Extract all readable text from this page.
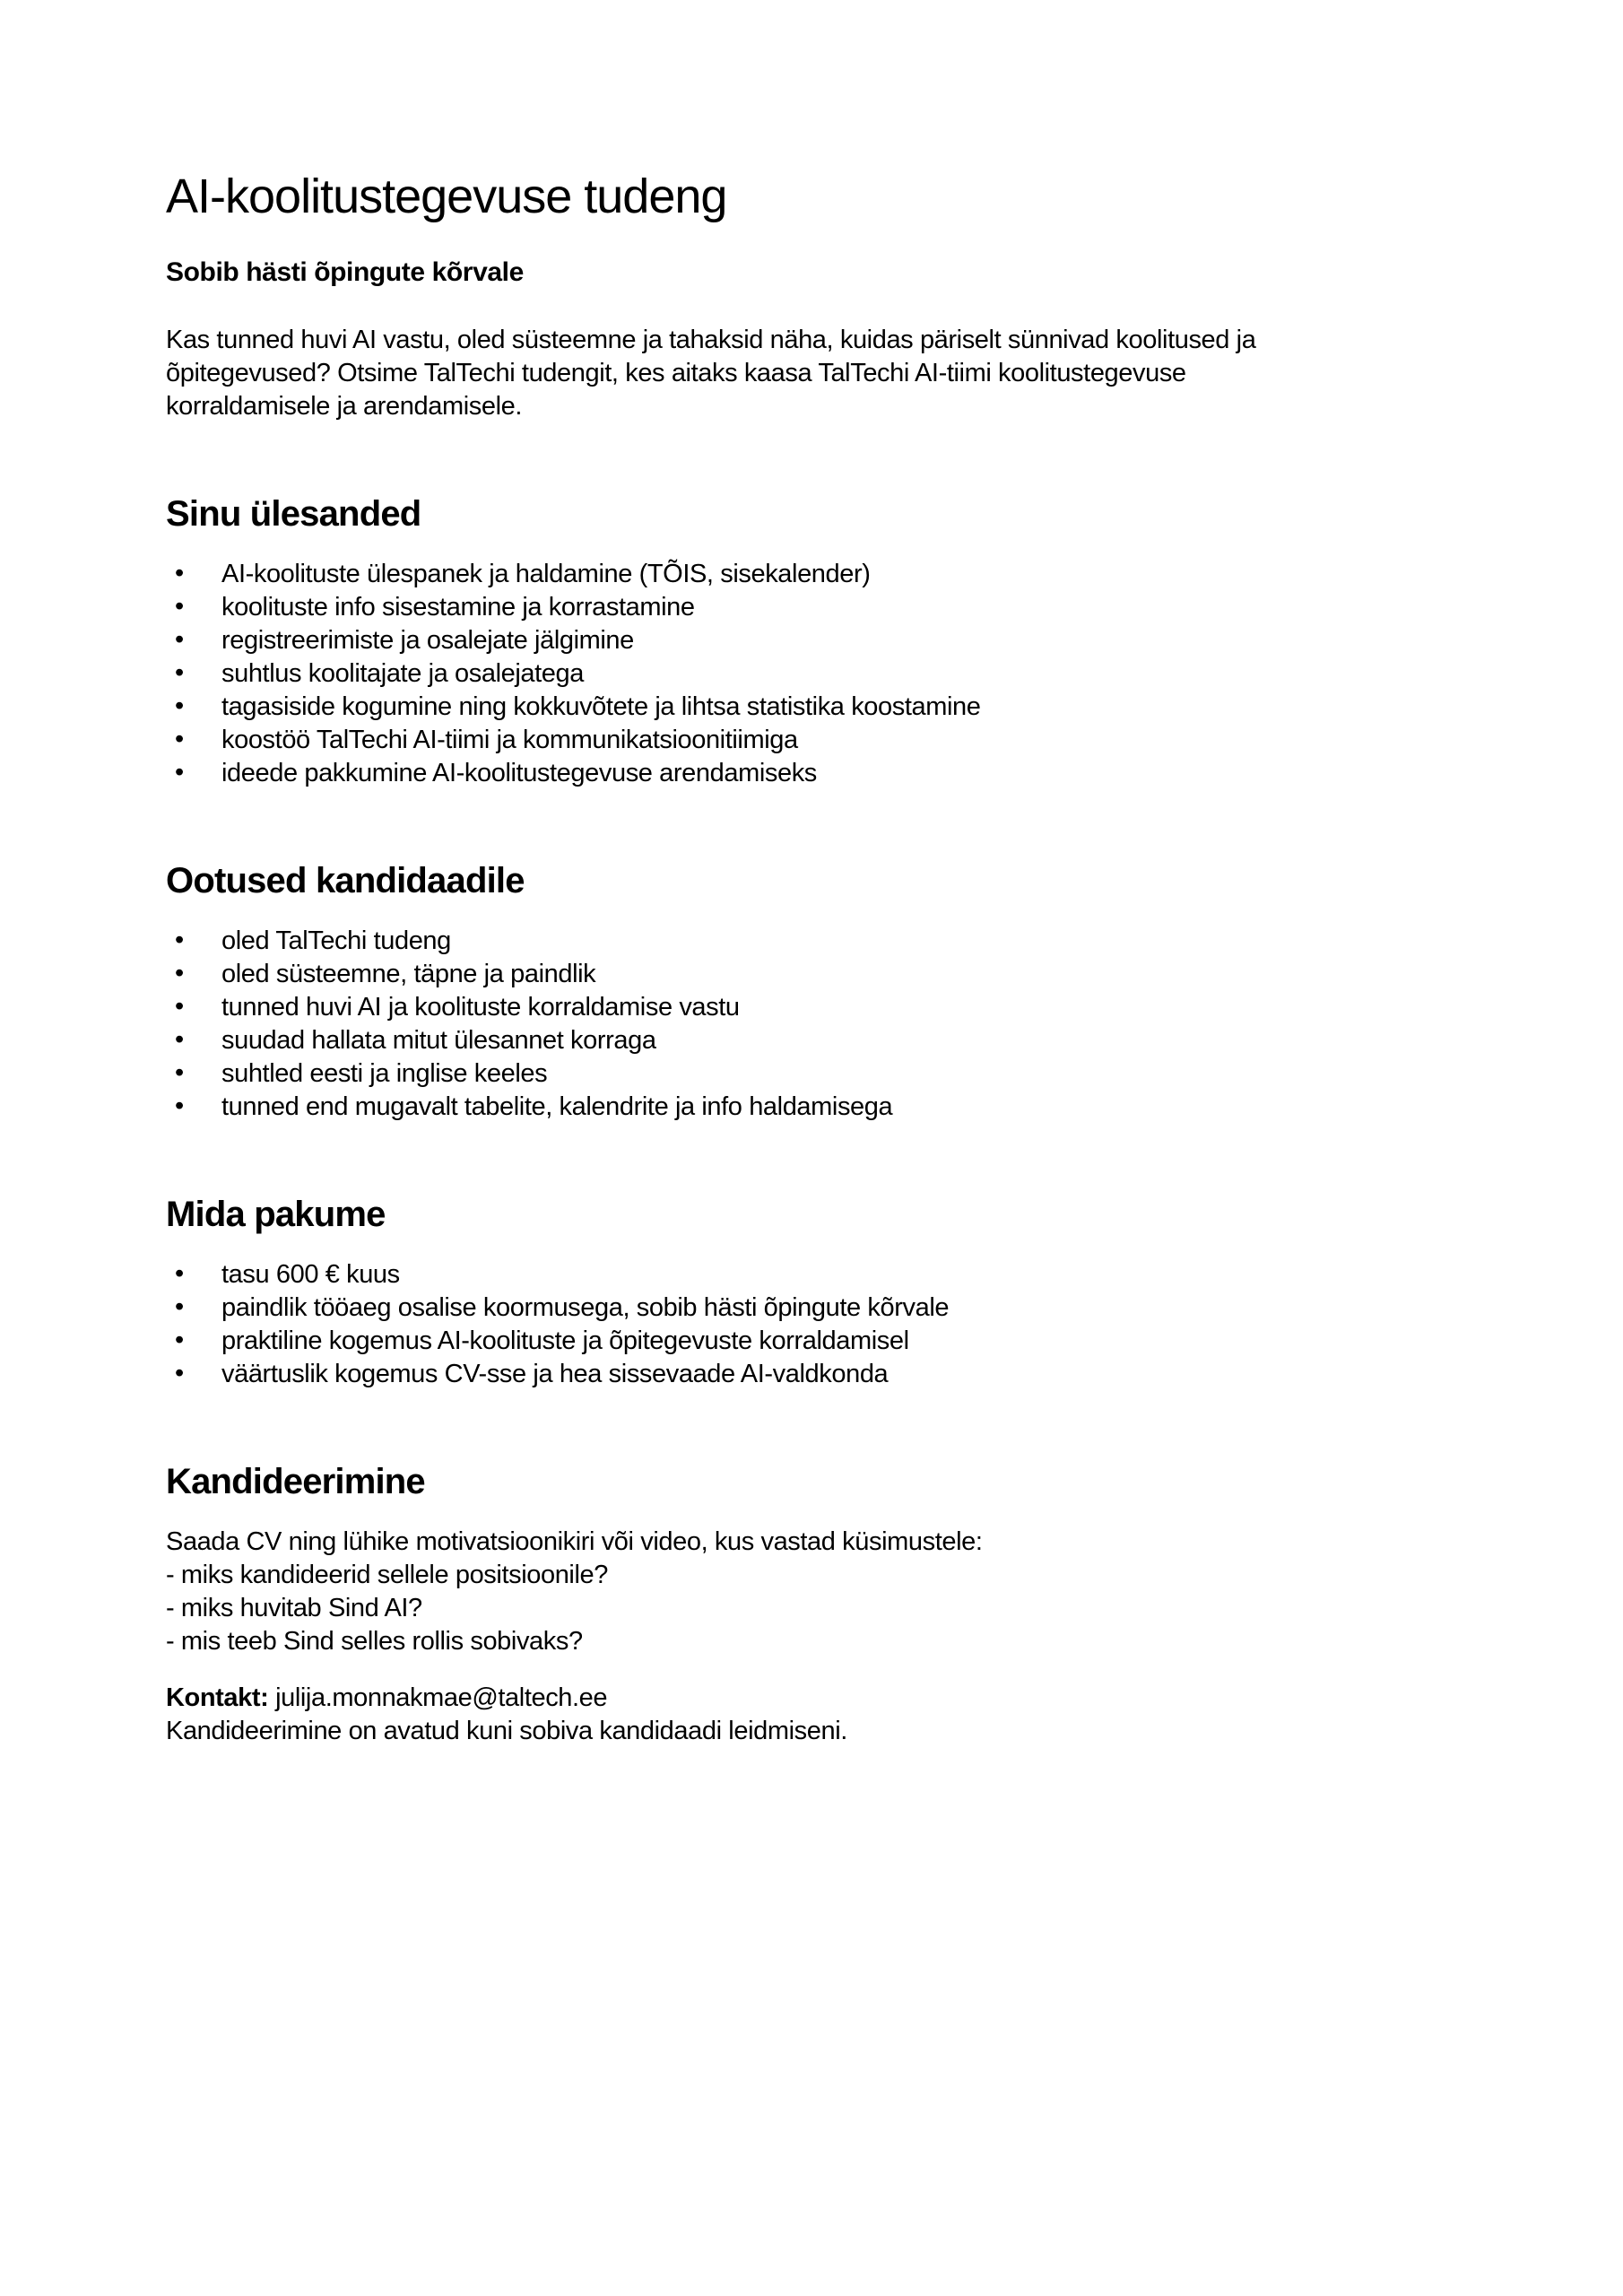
AI-koolitustegevuse tudeng

Sobib hästi õpingute kõrvale

Kas tunned huvi AI vastu, oled süsteemne ja tahaksid näha, kuidas päriselt sünnivad koolitused ja
õpitegevused? Otsime TalTechi tudengit, kes aitaks kaasa TalTechi AI-tiimi koolitustegevuse
korraldamisele ja arendamisele.

Sinu ülesanded
• AI-koolituste ülespanek ja haldamine (TÕIS, sisekalender)
• koolituste info sisestamine ja korrastamine
• registreerimiste ja osalejate jälgimine
• suhtlus koolitajate ja osalejatega
• tagasiside kogumine ning kokkuvõtete ja lihtsa statistika koostamine
• koostöö TalTechi AI-tiimi ja kommunikatsioonitiimiga
• ideede pakkumine AI-koolitustegevuse arendamiseks
Ootused kandidaadile
• oled TalTechi tudeng
• oled süsteemne, täpne ja paindlik
• tunned huvi AI ja koolituste korraldamise vastu
• suudad hallata mitut ülesannet korraga
• suhtled eesti ja inglise keeles
• tunned end mugavalt tabelite, kalendrite ja info haldamisega
Mida pakume
• tasu 600 € kuus
• paindlik tööaeg osalise koormusega, sobib hästi õpingute kõrvale
• praktiline kogemus AI-koolituste ja õpitegevuste korraldamisel
• väärtuslik kogemus CV-sse ja hea sissevaade AI-valdkonda
Kandideerimine

Saada CV ning lühike motivatsioonikiri või video, kus vastad küsimustele:
- miks kandideerid sellele positsioonile?
- miks huvitab Sind AI?
- mis teeb Sind selles rollis sobivaks?

Kontakt: julija.monnakmae@taltech.ee
Kandideerimine on avatud kuni sobiva kandidaadi leidmiseni.
